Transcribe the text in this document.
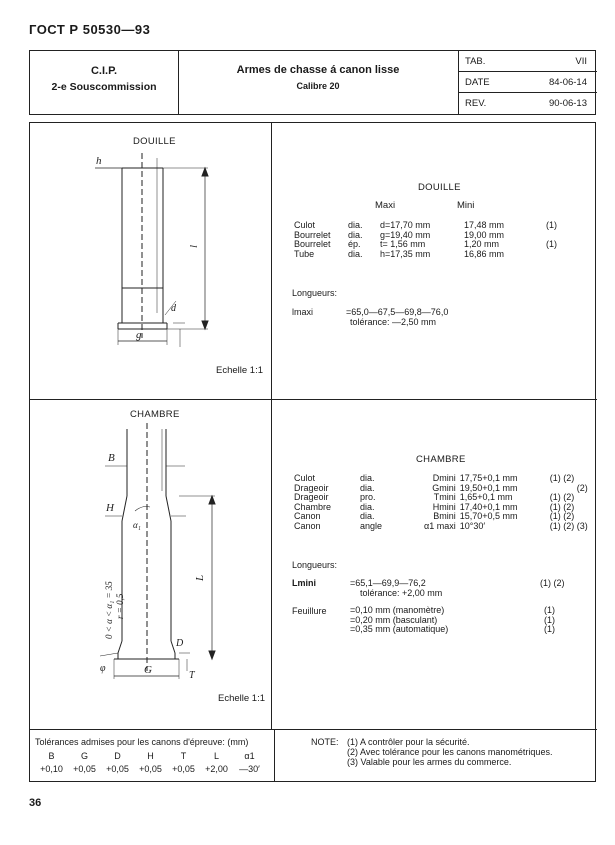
ГОСТ Р 50530—93
C.I.P.
2-e Souscommission
Armes de chasse á canon lisse
Calibre 20
TAB.	VII
DATE	84-06-14
REV.	90-06-13
DOUILLE
h
l
g
d
Echelle 1:1
DOUILLE
Maxi	Mini
Culot	dia.	d=17,70 mm	17,48 mm	(1)
Bourrelet	dia.	g=19,40 mm	19,00 mm	
Bourrelet	ép.	t= 1,56 mm	1,20 mm	(1)
Tube	dia.	h=17,35 mm	16,86 mm	
Longueurs:
lmaxi	=65,0—67,5—69,8—76,0
tolérance: —2,50 mm
CHAMBRE
B
H
α₁
L
D
G	T
φ
0 < α < α₁ = 35 r = 0,5
Echelle 1:1
CHAMBRE
Culot	dia.	Dmini	17,75+0,1 mm	(1) (2)
Drageoir	dia.	Gmini	19,50+0,1 mm	(2)
Drageoir	pro.	Tmini	1,65+0,1 mm	(1) (2)
Chambre	dia.	Hmini	17,40+0,1 mm	(1) (2)
Canon	dia.	Bmini	15,70+0,5 mm	(1) (2)
Canon	angle	α1 maxi	10°30′	(1) (2) (3)
Longueurs:
Lmini	=65,1—69,9—76,2	(1) (2)
tolérance: +2,00 mm
Feuillure	=0,10 mm (manomètre)	(1)
=0,20 mm (basculant)	(1)
=0,35 mm (automatique)	(1)
Tolérances admises pour les canons d'épreuve: (mm)
B	G	D	H	T	L	α1
+0,10	+0,05	+0,05	+0,05	+0,05	+2,00	—30′
NOTE: (1) A contrôler pour la sécurité.
(2) Avec tolérance pour les canons manométriques.
(3) Valable pour les armes du commerce.
36
